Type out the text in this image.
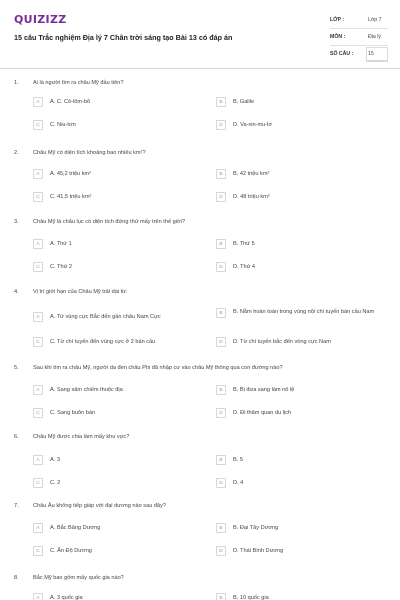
QUIZIZZ
15 câu Trắc nghiệm Địa lý 7 Chân trời sáng tạo Bài 13 có đáp án
LỚP :	Lớp 7
MÔN :	Địa lý
SỐ CÂU :	15
1.	Ai là người tìm ra châu Mỹ đầu tiên?
A	A. C. Cô-lôm-bô	B	B. Galile
C	C. Niu-tơn	D	D. Va-xin-mu-lơ
2.	Châu Mỹ có diện tích khoảng bao nhiêu km²?
A	A. 45,2 triệu km²	B	B. 42 triệu km²
C	C. 41,5 triệu km²	D	D. 48 triệu km²
3.	Châu Mỹ là châu lục có diện tích đứng thứ mấy trên thế giới?
A	A. Thứ 1	B	B. Thứ 5
C	C. Thứ 2	D	D. Thứ 4
4.	Vị trí giới hạn của Châu Mỹ trải dài từ:
A	A. Từ vùng cực Bắc đến gần châu Nam Cực
B	B. Nằm hoàn toàn trong vùng nội chí tuyến bán cầu Nam
C	C. Từ chí tuyến đến vùng cực ở 2 bán cầu	D	D. Từ chí tuyến bắc đến vòng cực Nam
5.	Sau khi tìm ra châu Mỹ, người da đen châu Phi đã nhập cư vào châu Mỹ thông qua con đường nào?
A	A. Sang xâm chiếm thuộc địa	B	B. Bị đưa sang làm nô lệ
C	C. Sang buôn bán	D	D. Đi thăm quan du lịch
6.	Châu Mỹ được chia làm mấy khu vực?
A	A. 3	B	B. 5
C	C. 2	D	D. 4
7.	Châu Âu không tiếp giáp với đại dương nào sau đây?
A	A. Bắc Băng Dương	B	B. Đại Tây Dương
C	C. Ấn Độ Dương	D	D. Thái Bình Dương
8.	Bắc Mỹ bao gồm mấy quốc gia nào?
A	A. 3 quốc gia	B	B. 10 quốc gia
